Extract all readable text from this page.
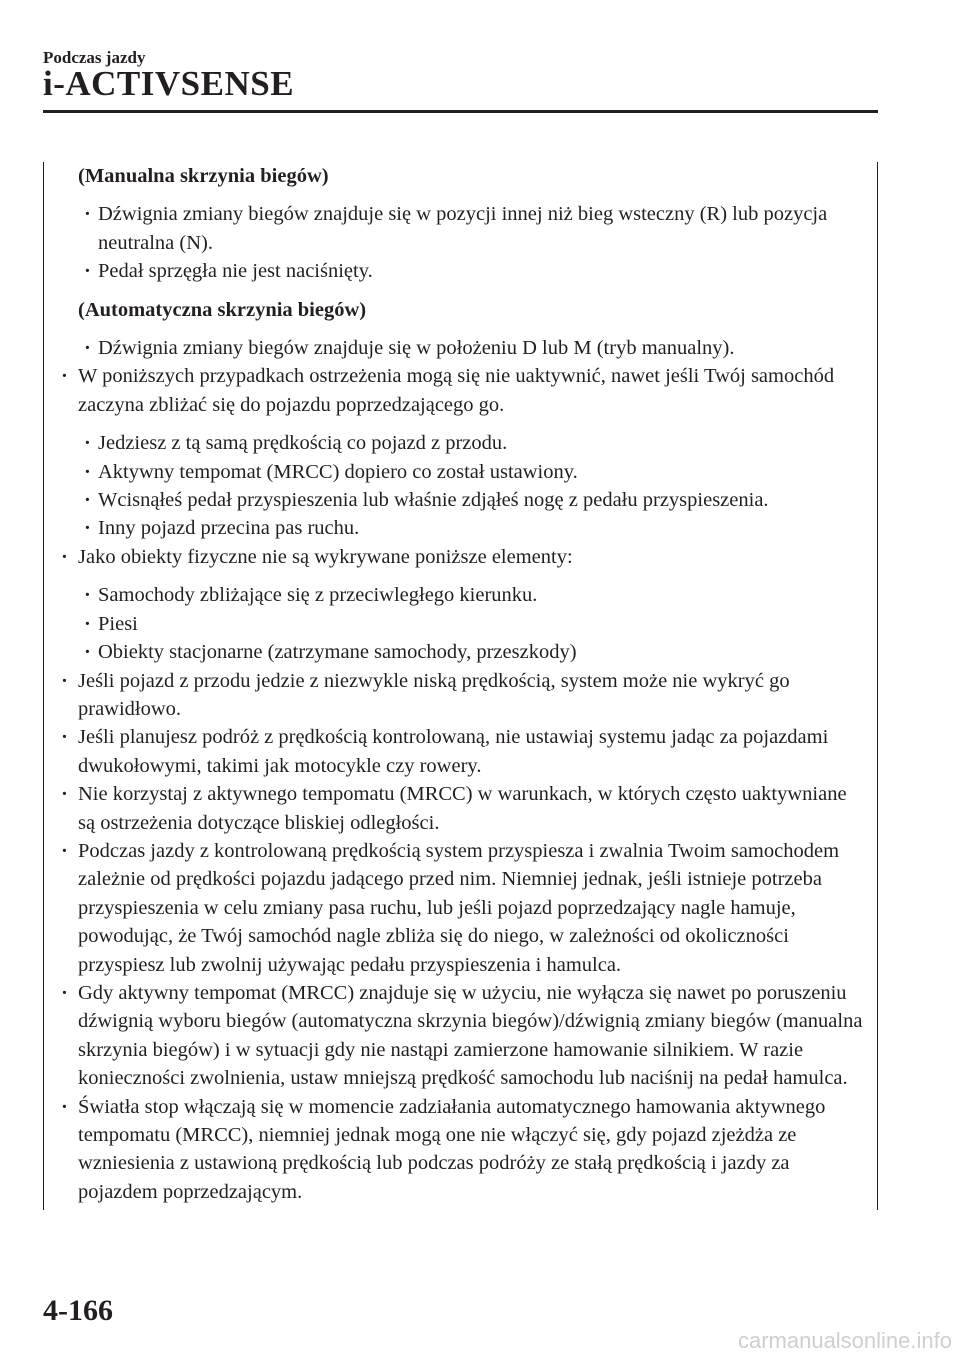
Podczas jazdy
i-ACTIVSENSE
(Manualna skrzynia biegów)
· Dźwignia zmiany biegów znajduje się w pozycji innej niż bieg wsteczny (R) lub pozycja neutralna (N).
· Pedał sprzęgła nie jest naciśnięty.
(Automatyczna skrzynia biegów)
· Dźwignia zmiany biegów znajduje się w położeniu D lub M (tryb manualny).
· W poniższych przypadkach ostrzeżenia mogą się nie uaktywnić, nawet jeśli Twój samochód zaczyna zbliżać się do pojazdu poprzedzającego go.
· Jedziesz z tą samą prędkością co pojazd z przodu.
· Aktywny tempomat (MRCC) dopiero co został ustawiony.
· Wcisnąłeś pedał przyspieszenia lub właśnie zdjąłeś nogę z pedału przyspieszenia.
· Inny pojazd przecina pas ruchu.
· Jako obiekty fizyczne nie są wykrywane poniższe elementy:
· Samochody zbliżające się z przeciwległego kierunku.
· Piesi
· Obiekty stacjonarne (zatrzymane samochody, przeszkody)
· Jeśli pojazd z przodu jedzie z niezwykle niską prędkością, system może nie wykryć go prawidłowo.
· Jeśli planujesz podróż z prędkością kontrolowaną, nie ustawiaj systemu jadąc za pojazdami dwukołowymi, takimi jak motocykle czy rowery.
· Nie korzystaj z aktywnego tempomatu (MRCC) w warunkach, w których często uaktywniane są ostrzeżenia dotyczące bliskiej odległości.
· Podczas jazdy z kontrolowaną prędkością system przyspiesza i zwalnia Twoim samochodem zależnie od prędkości pojazdu jadącego przed nim. Niemniej jednak, jeśli istnieje potrzeba przyspieszenia w celu zmiany pasa ruchu, lub jeśli pojazd poprzedzający nagle hamuje, powodując, że Twój samochód nagle zbliża się do niego, w zależności od okoliczności przyspiesz lub zwolnij używając pedału przyspieszenia i hamulca.
· Gdy aktywny tempomat (MRCC) znajduje się w użyciu, nie wyłącza się nawet po poruszeniu dźwignią wyboru biegów (automatyczna skrzynia biegów)/dźwignią zmiany biegów (manualna skrzynia biegów) i w sytuacji gdy nie nastąpi zamierzone hamowanie silnikiem. W razie konieczności zwolnienia, ustaw mniejszą prędkość samochodu lub naciśnij na pedał hamulca.
· Światła stop włączają się w momencie zadziałania automatycznego hamowania aktywnego tempomatu (MRCC), niemniej jednak mogą one nie włączyć się, gdy pojazd zjeżdża ze wzniesienia z ustawioną prędkością lub podczas podróży ze stałą prędkością i jazdy za pojazdem poprzedzającym.
4-166
carmanualsonline.info
